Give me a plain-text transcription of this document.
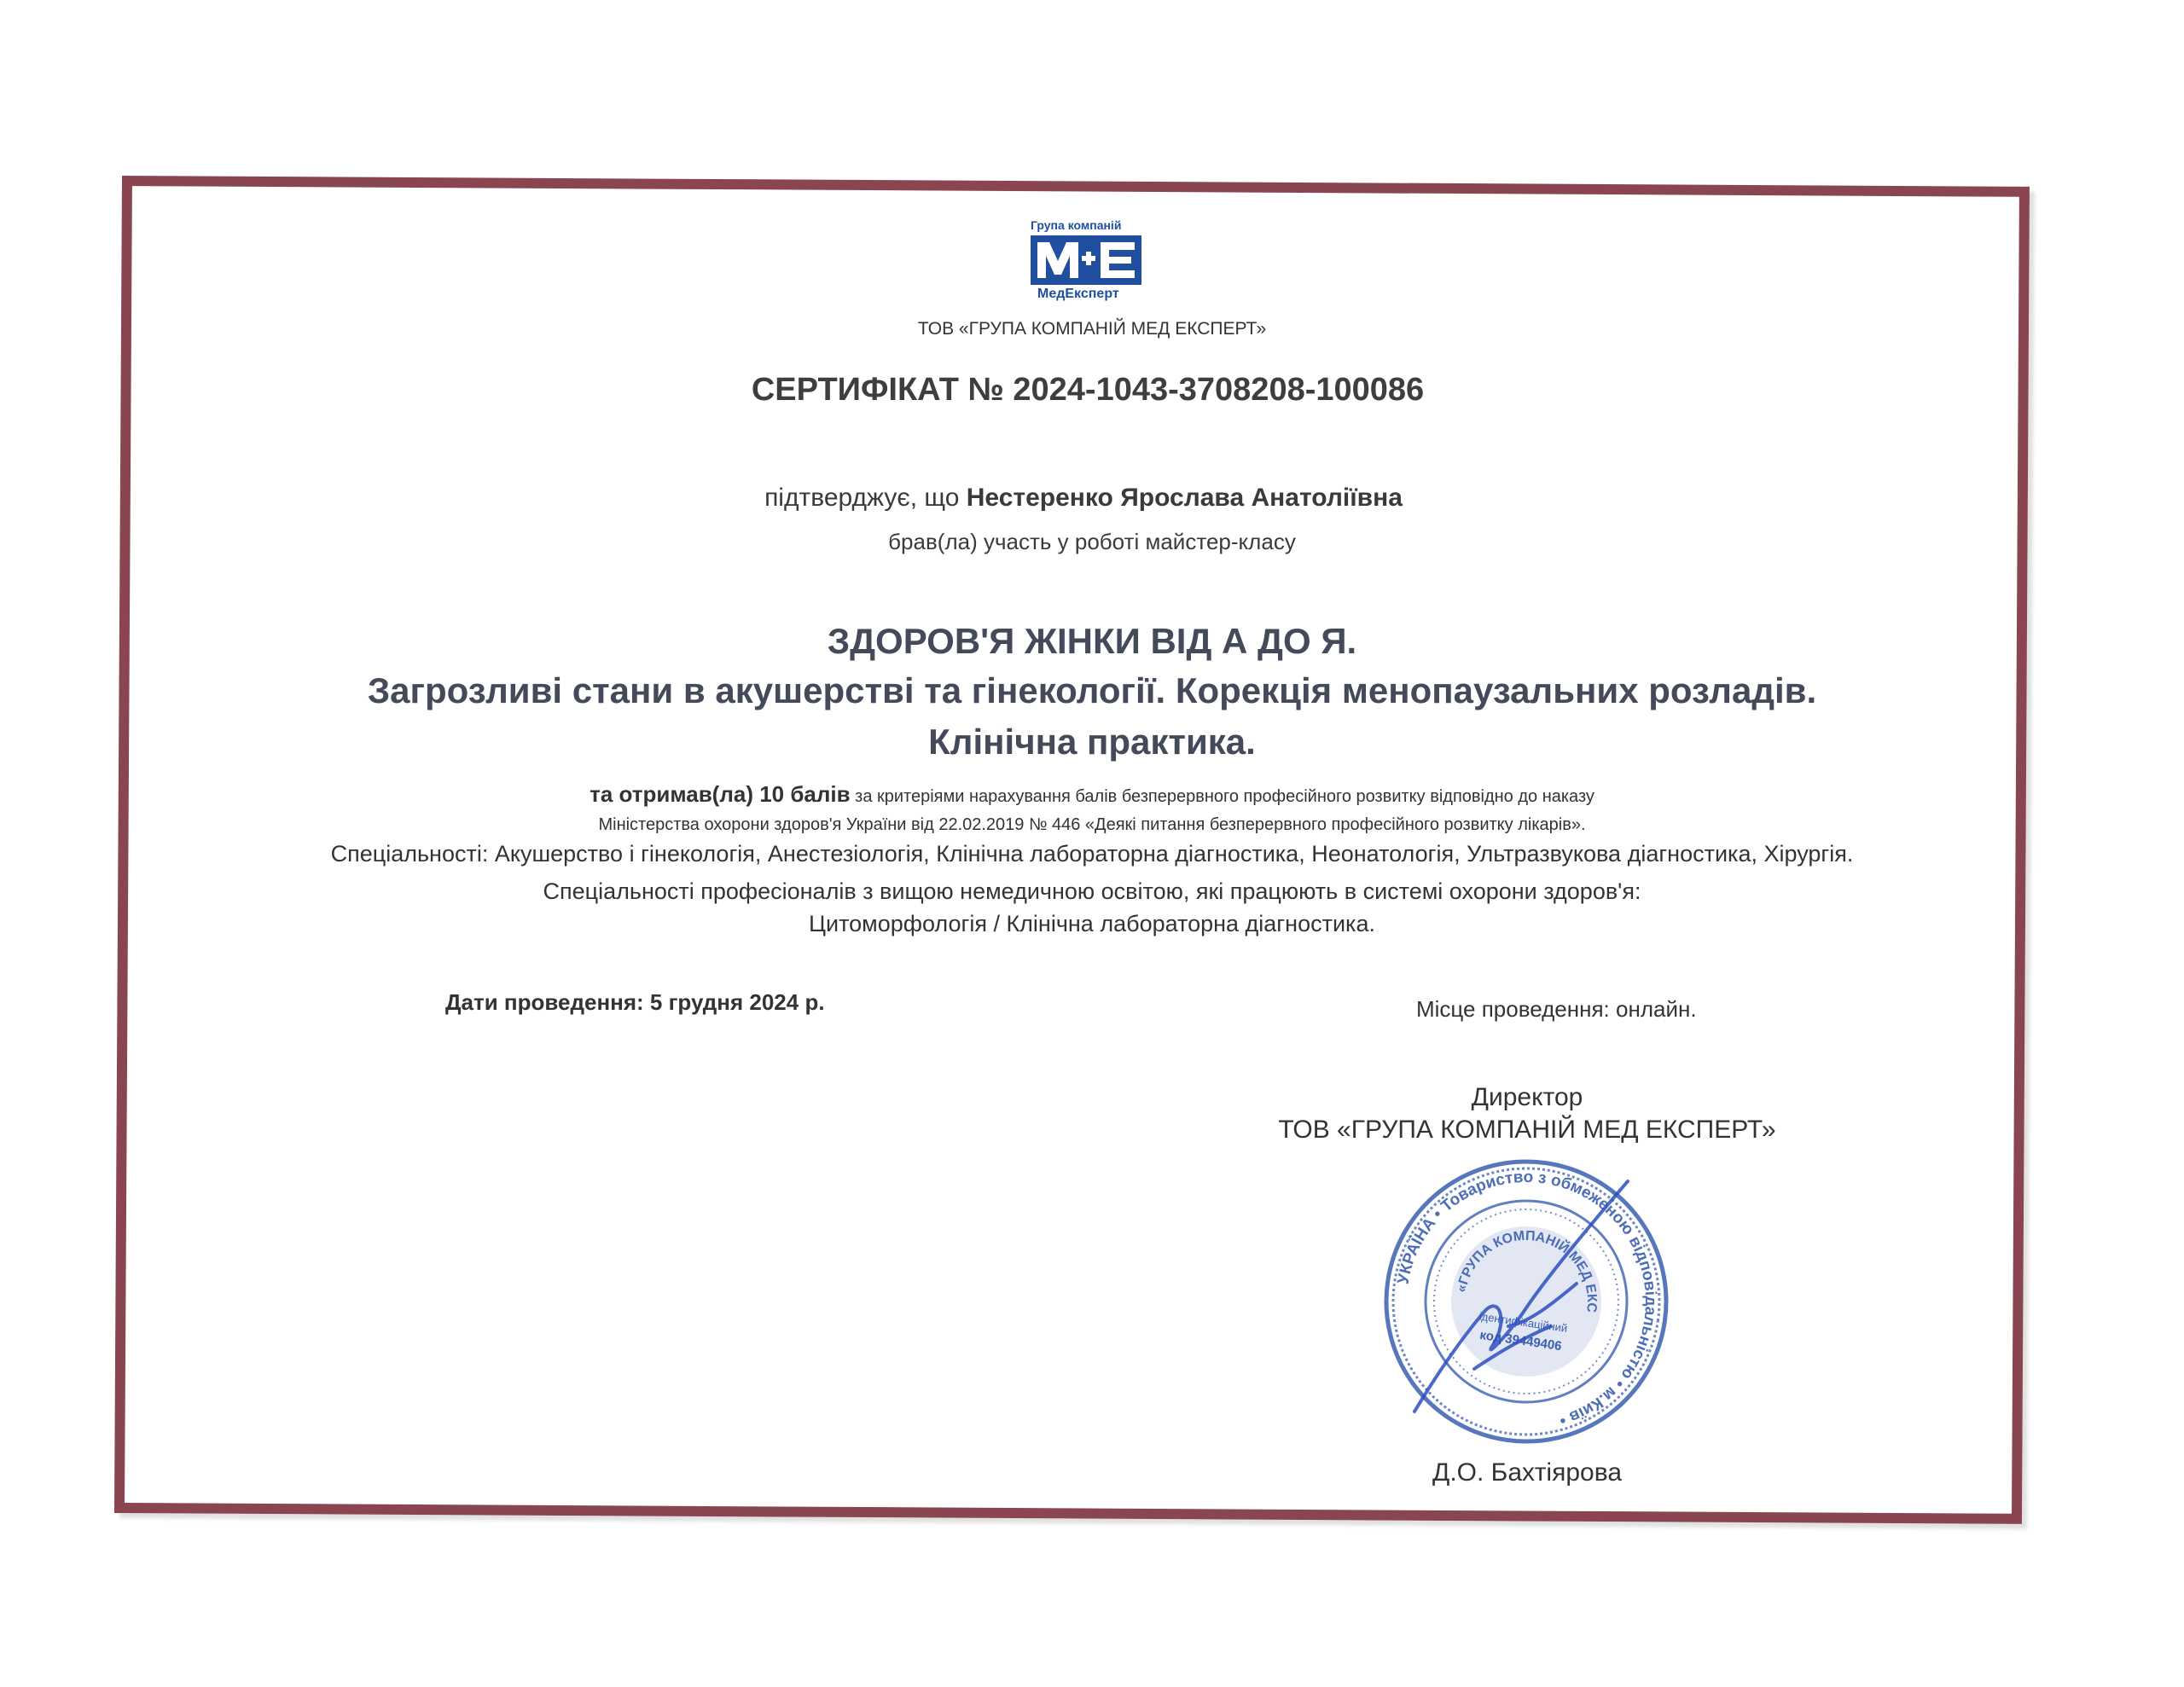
Група компаній
МедЕксперт
ТОВ «ГРУПА КОМПАНІЙ МЕД ЕКСПЕРТ»
СЕРТИФІКАТ № 2024-1043-3708208-100086
підтверджує, що Нестеренко Ярослава Анатоліївна
брав(ла) участь у роботі майстер-класу
ЗДОРОВ'Я ЖІНКИ ВІД А ДО Я.
Загрозливі стани в акушерстві та гінекології. Корекція менопаузальних розладів.
Клінічна практика.
та отримав(ла) 10 балів за критеріями нарахування балів безперервного професійного розвитку відповідно до наказу
Міністерства охорони здоров'я України від 22.02.2019 № 446 «Деякі питання безперервного професійного розвитку лікарів».
Спеціальності: Акушерство і гінекологія, Анестезіологія, Клінічна лабораторна діагностика, Неонатологія, Ультразвукова діагностика, Хірургія.
Спеціальності професіоналів з вищою немедичною освітою, які працюють в системі охорони здоров'я:
Цитоморфологія / Клінічна лабораторна діагностика.
Дати проведення: 5 грудня 2024 р.	Місце проведення: онлайн.
Директор
ТОВ «ГРУПА КОМПАНІЙ МЕД ЕКСПЕРТ»
УКРАЇНА • Товариство з обмеженою відповідальністю • м.Київ •
«ГРУПА КОМПАНІЙ МЕД ЕКСПЕРТ»
ідентифікаційний
код 39449406
Д.О. Бахтіярова
